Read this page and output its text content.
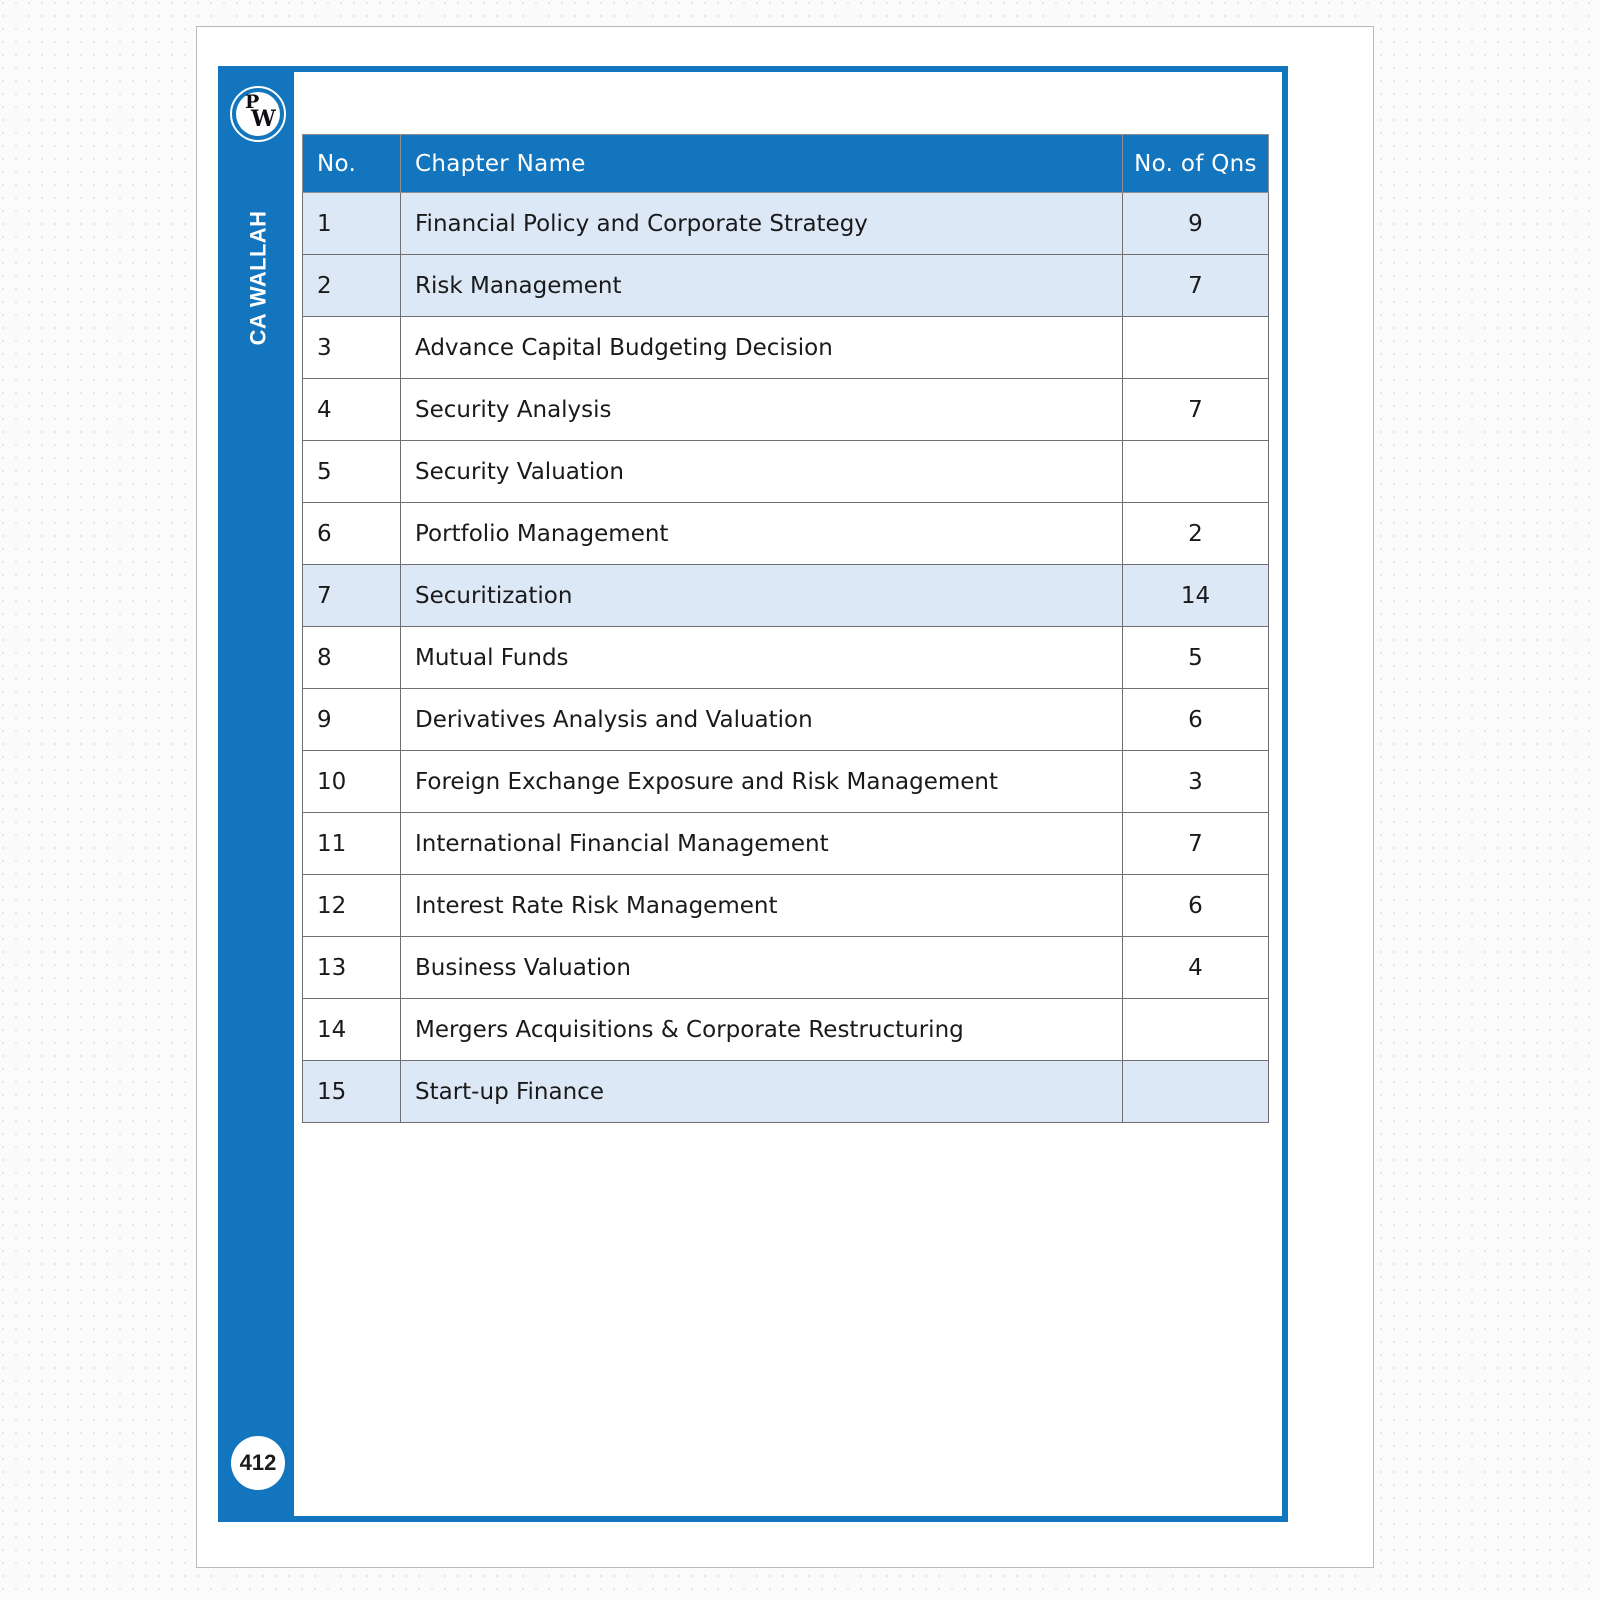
P
W
CA WALLAH
412
No.	Chapter Name	No. of Qns
1	Financial Policy and Corporate Strategy	9
2	Risk Management	7
3	Advance Capital Budgeting Decision	
4	Security Analysis	7
5	Security Valuation	
6	Portfolio Management	2
7	Securitization	14
8	Mutual Funds	5
9	Derivatives Analysis and Valuation	6
10	Foreign Exchange Exposure and Risk Management	3
11	International Financial Management	7
12	Interest Rate Risk Management	6
13	Business Valuation	4
14	Mergers Acquisitions & Corporate Restructuring	
15	Start-up Finance	
